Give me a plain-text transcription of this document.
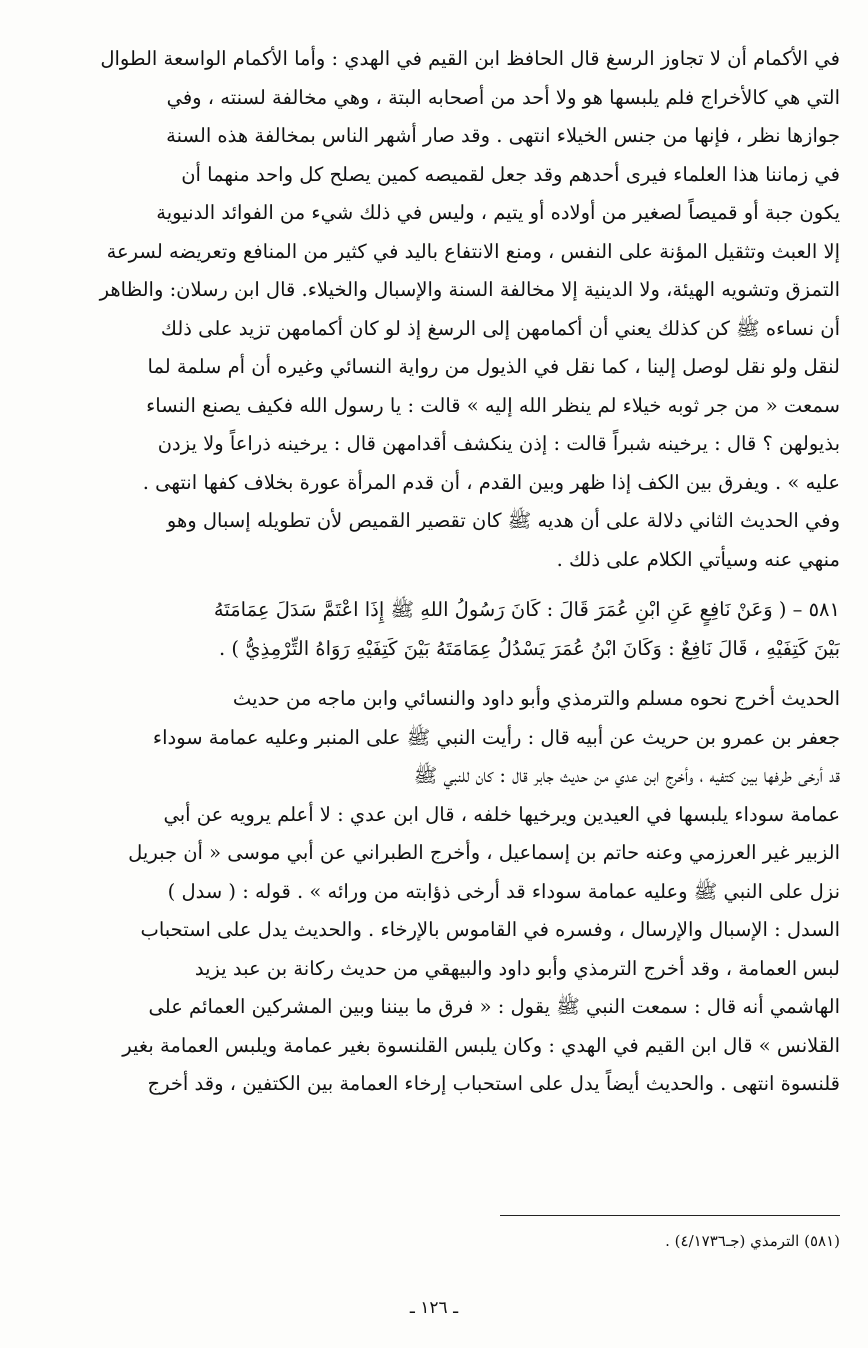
في الأكمام أن لا تجاوز الرسغ قال الحافظ ابن القيم في الهدي : وأما الأكمام الواسعة الطوال
التي هي كالأخراج فلم يلبسها هو ولا أحد من أصحابه البتة ، وهي مخالفة لسنته ، وفي
جوازها نظر ، فإنها من جنس الخيلاء انتهى . وقد صار أشهر الناس بمخالفة هذه السنة
في زماننا هذا العلماء فيرى أحدهم وقد جعل لقميصه كمين يصلح كل واحد منهما أن
يكون جبة أو قميصاً لصغير من أولاده أو يتيم ، وليس في ذلك شيء من الفوائد الدنيوية
إلا العبث وتثقيل المؤنة على النفس ، ومنع الانتفاع باليد في كثير من المنافع وتعريضه لسرعة
التمزق وتشويه الهيئة، ولا الدينية إلا مخالفة السنة والإسبال والخيلاء. قال ابن رسلان: والظاهر
أن نساءه ﷺ كن كذلك يعني أن أكمامهن إلى الرسغ إذ لو كان أكمامهن تزيد على ذلك
لنقل ولو نقل لوصل إلينا ، كما نقل في الذيول من رواية النسائي وغيره أن أم سلمة لما
سمعت « من جر ثوبه خيلاء لم ينظر الله إليه » قالت : يا رسول الله فكيف يصنع النساء
بذيولهن ؟ قال : يرخينه شبراً قالت : إذن ينكشف أقدامهن قال : يرخينه ذراعاً ولا يزدن
عليه » . ويفرق بين الكف إذا ظهر وبين القدم ، أن قدم المرأة عورة بخلاف كفها انتهى .
وفي الحديث الثاني دلالة على أن هديه ﷺ كان تقصير القميص لأن تطويله إسبال وهو
منهي عنه وسيأتي الكلام على ذلك .
٥٨١ – ( وَعَنْ نَافِعٍ عَنِ ابْنِ عُمَرَ قَالَ : كَانَ رَسُولُ اللهِ ﷺ إِذَا اعْتَمَّ سَدَلَ عِمَامَتَهُ
بَيْنَ كَتِفَيْهِ ، قَالَ نَافِعٌ : وَكَانَ ابْنُ عُمَرَ يَسْدُلُ عِمَامَتَهُ بَيْنَ كَتِفَيْهِ رَوَاهُ التِّرْمِذِيُّ ) .
الحديث أخرج نحوه مسلم والترمذي وأبو داود والنسائي وابن ماجه من حديث
جعفر بن عمرو بن حريث عن أبيه قال : رأيت النبي ﷺ على المنبر وعليه عمامة سوداء
قد أرخى طرفها بين كتفيه ، وأخرج ابن عدي من حديث جابر قال : كان للنبي ﷺ
عمامة سوداء يلبسها في العيدين ويرخيها خلفه ، قال ابن عدي : لا أعلم يرويه عن أبي
الزبير غير العرزمي وعنه حاتم بن إسماعيل ، وأخرج الطبراني عن أبي موسى « أن جبريل
نزل على النبي ﷺ وعليه عمامة سوداء قد أرخى ذؤابته من ورائه » . قوله : ( سدل )
السدل : الإسبال والإرسال ، وفسره في القاموس بالإرخاء . والحديث يدل على استحباب
لبس العمامة ، وقد أخرج الترمذي وأبو داود والبيهقي من حديث ركانة بن عبد يزيد
الهاشمي أنه قال : سمعت النبي ﷺ يقول : « فرق ما بيننا وبين المشركين العمائم على
القلانس » قال ابن القيم في الهدي : وكان يلبس القلنسوة بغير عمامة ويلبس العمامة بغير
قلنسوة انتهى . والحديث أيضاً يدل على استحباب إرخاء العمامة بين الكتفين ، وقد أخرج
(٥٨١) الترمذي (جـ٤/١٧٣٦) .
ـ ١٢٦ ـ
